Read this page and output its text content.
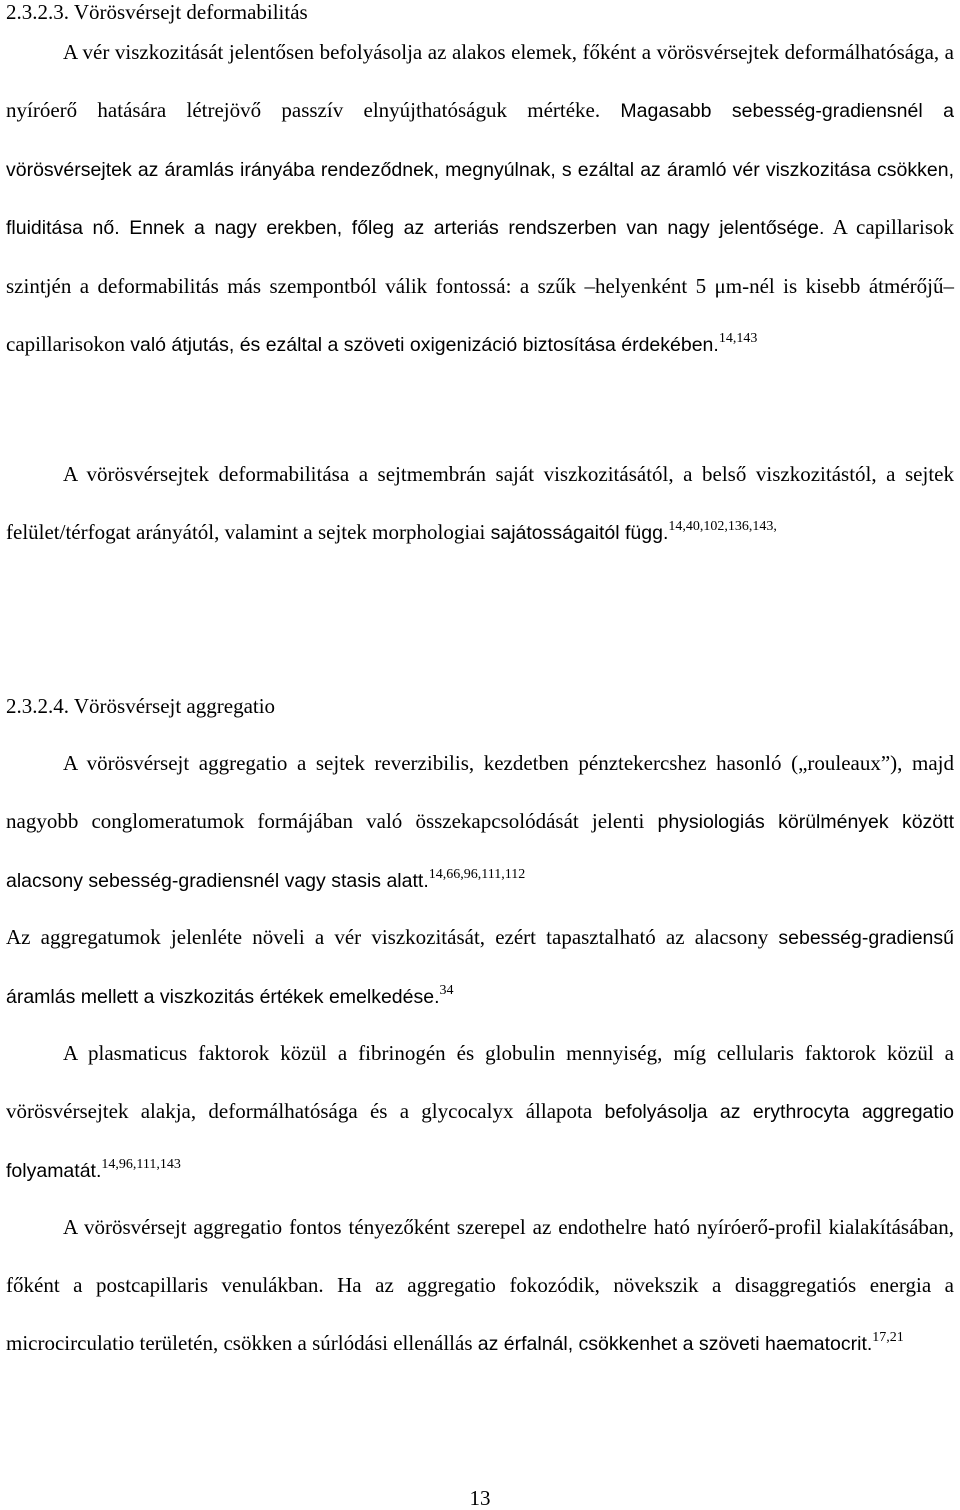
2.3.2.3. Vörösvérsejt deformabilitás

A vér viszkozitását jelentősen befolyásolja az alakos elemek, főként a vörösvérsejtek deformálhatósága, a nyíróerő hatására létrejövő passzív elnyújthatóságuk mértéke. Magasabb sebesség-gradiensnél a vörösvérsejtek az áramlás irányába rendeződnek, megnyúlnak, s ezáltal az áramló vér viszkozitása csökken, fluiditása nő. Ennek a nagy erekben, főleg az arteriás rendszerben van nagy jelentősége. A capillarisok szintjén a deformabilitás más szempontból válik fontossá: a szűk –helyenként 5 μm-nél is kisebb átmérőjű– capillarisokon való átjutás, és ezáltal a szöveti oxigenizáció biztosítása érdekében.$^{14,143}$

A vörösvérsejtek deformabilitása a sejtmembrán saját viszkozitásától, a belső viszkozitástól, a sejtek felület/térfogat arányától, valamint a sejtek morphologiai sajátosságaitól függ.$^{14,40,102,136,143,}$

2.3.2.4. Vörösvérsejt aggregatio

A vörösvérsejt aggregatio a sejtek reverzibilis, kezdetben pénztekercshez hasonló („rouleaux”), majd nagyobb conglomeratumok formájában való összekapcsolódását jelenti physiologiás körülmények között alacsony sebesség-gradiensnél vagy stasis alatt.$^{14,66,96,111,112}$

Az aggregatumok jelenléte növeli a vér viszkozitását, ezért tapasztalható az alacsony sebesség-gradiensű áramlás mellett a viszkozitás értékek emelkedése.$^{34}$

A plasmaticus faktorok közül a fibrinogén és globulin mennyiség, míg cellularis faktorok közül a vörösvérsejtek alakja, deformálhatósága és a glycocalyx állapota befolyásolja az erythrocyta aggregatio folyamatát.$^{14,96,111,143}$

A vörösvérsejt aggregatio fontos tényezőként szerepel az endothelre ható nyíróerő-profil kialakításában, főként a postcapillaris venulákban. Ha az aggregatio fokozódik, növekszik a disaggregatiós energia a microcirculatio területén, csökken a súrlódási ellenállás az érfalnál, csökkenhet a szöveti haematocrit.$^{17,21}$

13
